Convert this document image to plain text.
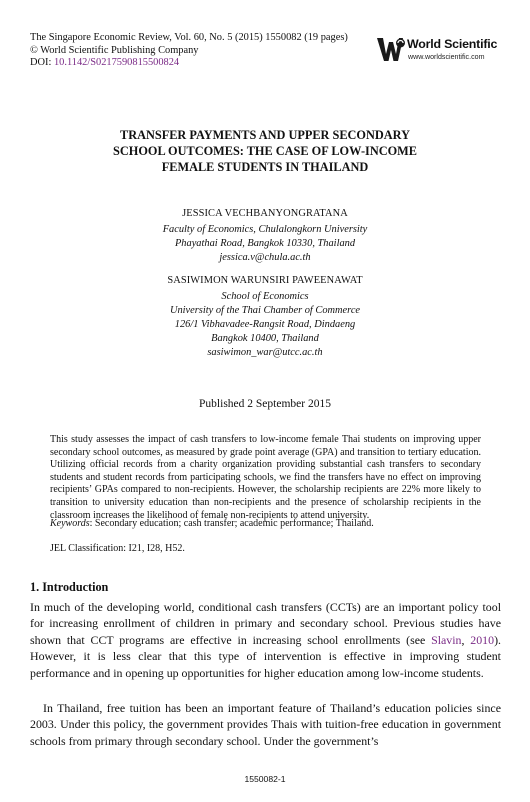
The Singapore Economic Review, Vol. 60, No. 5 (2015) 1550082 (19 pages)
© World Scientific Publishing Company
DOI: 10.1142/S0217590815500824
World Scientific
www.worldscientific.com
TRANSFER PAYMENTS AND UPPER SECONDARY
SCHOOL OUTCOMES: THE CASE OF LOW-INCOME
FEMALE STUDENTS IN THAILAND
JESSICA VECHBANYONGRATANA
Faculty of Economics, Chulalongkorn University
Phayathai Road, Bangkok 10330, Thailand
jessica.v@chula.ac.th
SASIWIMON WARUNSIRI PAWEENAWAT
School of Economics
University of the Thai Chamber of Commerce
126/1 Vibhavadee-Rangsit Road, Dindaeng
Bangkok 10400, Thailand
sasiwimon_war@utcc.ac.th
Published 2 September 2015
This study assesses the impact of cash transfers to low-income female Thai students on improving upper secondary school outcomes, as measured by grade point average (GPA) and transition to tertiary education. Utilizing official records from a charity organization providing substantial cash transfers to secondary students and student records from participating schools, we find the transfers have no effect on improving recipients’ GPAs compared to non-recipients. However, the scholarship recipients are 22% more likely to transition to university education than non-recipients and the presence of scholarship recipients in the classroom increases the likelihood of female non-recipients to attend university.
Keywords: Secondary education; cash transfer; academic performance; Thailand.
JEL Classification: I21, I28, H52.
1. Introduction
In much of the developing world, conditional cash transfers (CCTs) are an important policy tool for increasing enrollment of children in primary and secondary school. Previous studies have shown that CCT programs are effective in increasing school enrollments (see Slavin, 2010). However, it is less clear that this type of intervention is effective in improving student performance and in opening up opportunities for higher education among low-income students.
In Thailand, free tuition has been an important feature of Thailand’s education policies since 2003. Under this policy, the government provides Thais with tuition-free education in government schools from primary through secondary school. Under the government’s
1550082-1
